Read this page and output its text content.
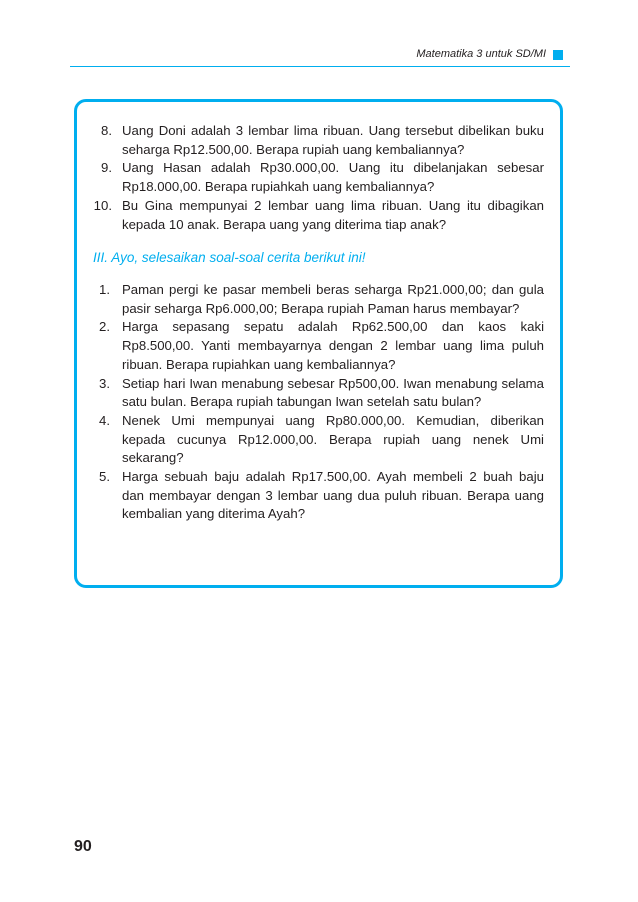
Matematika 3 untuk SD/MI
8. Uang Doni adalah 3 lembar lima ribuan. Uang tersebut dibelikan buku seharga Rp12.500,00. Berapa rupiah uang kembaliannya?
9. Uang Hasan adalah Rp30.000,00. Uang itu dibelanjakan sebesar Rp18.000,00. Berapa rupiahkah uang kembaliannya?
10. Bu Gina mempunyai 2 lembar uang lima ribuan. Uang itu dibagikan kepada 10 anak. Berapa uang yang diterima tiap anak?
III. Ayo, selesaikan soal-soal cerita berikut ini!
1. Paman pergi ke pasar membeli beras seharga Rp21.000,00; dan gula pasir seharga Rp6.000,00; Berapa rupiah Paman harus membayar?
2. Harga sepasang sepatu adalah Rp62.500,00 dan kaos kaki Rp8.500,00. Yanti membayarnya dengan 2 lembar uang lima puluh ribuan. Berapa rupiahkan uang kembaliannya?
3. Setiap hari Iwan menabung sebesar Rp500,00. Iwan menabung selama satu bulan. Berapa rupiah tabungan Iwan setelah satu bulan?
4. Nenek Umi mempunyai uang Rp80.000,00. Kemudian, diberikan kepada cucunya Rp12.000,00. Berapa rupiah uang nenek Umi sekarang?
5. Harga sebuah baju adalah Rp17.500,00. Ayah membeli 2 buah baju dan membayar dengan 3 lembar uang dua puluh ribuan. Berapa uang kembalian yang diterima Ayah?
90
